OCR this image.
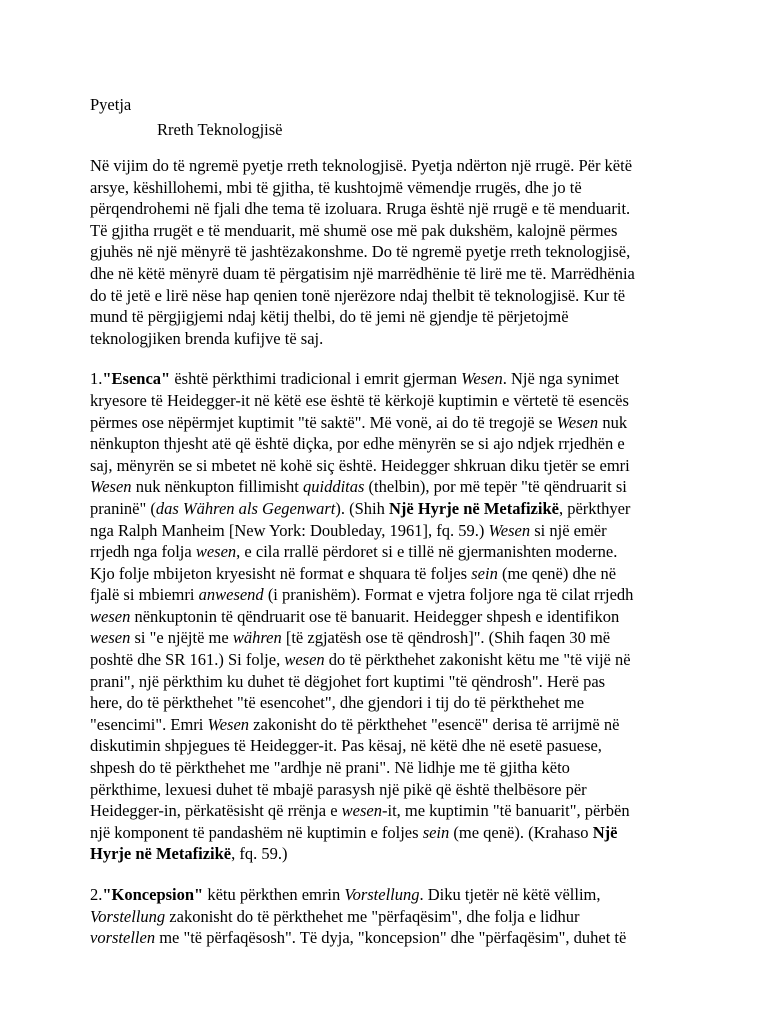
Pyetja
Rreth Teknologjisë
Në vijim do të ngremë pyetje rreth teknologjisë. Pyetja ndërton një rrugë. Për këtë
arsye, këshillohemi, mbi të gjitha, të kushtojmë vëmendje rrugës, dhe jo të
përqendrohemi në fjali dhe tema të izoluara. Rruga është një rrugë e të menduarit.
Të gjitha rrugët e të menduarit, më shumë ose më pak dukshëm, kalojnë përmes
gjuhës në një mënyrë të jashtëzakonshme. Do të ngremë pyetje rreth teknologjisë,
dhe në këtë mënyrë duam të përgatisim një marrëdhënie të lirë me të. Marrëdhënia
do të jetë e lirë nëse hap qenien tonë njerëzore ndaj thelbit të teknologjisë. Kur të
mund të përgjigjemi ndaj këtij thelbi, do të jemi në gjendje të përjetojmë
teknologjiken brenda kufijve të saj.
1."Esenca" është përkthimi tradicional i emrit gjerman Wesen. Një nga synimet
kryesore të Heidegger-it në këtë ese është të kërkojë kuptimin e vërtetë të esencës
përmes ose nëpërmjet kuptimit "të saktë". Më vonë, ai do të tregojë se Wesen nuk
nënkupton thjesht atë që është diçka, por edhe mënyrën se si ajo ndjek rrjedhën e
saj, mënyrën se si mbetet në kohë siç është. Heidegger shkruan diku tjetër se emri
Wesen nuk nënkupton fillimisht quidditas (thelbin), por më tepër "të qëndruarit si
praninë" (das Währen als Gegenwart). (Shih Një Hyrje në Metafizikë, përkthyer
nga Ralph Manheim [New York: Doubleday, 1961], fq. 59.) Wesen si një emër
rrjedh nga folja wesen, e cila rrallë përdoret si e tillë në gjermanishten moderne.
Kjo folje mbijeton kryesisht në format e shquara të foljes sein (me qenë) dhe në
fjalë si mbiemri anwesend (i pranishëm). Format e vjetra foljore nga të cilat rrjedh
wesen nënkuptonin të qëndruarit ose të banuarit. Heidegger shpesh e identifikon
wesen si "e njëjtë me währen [të zgjatësh ose të qëndrosh]". (Shih faqen 30 më
poshtë dhe SR 161.) Si folje, wesen do të përkthehet zakonisht këtu me "të vijë në
prani", një përkthim ku duhet të dëgjohet fort kuptimi "të qëndrosh". Herë pas
here, do të përkthehet "të esencohet", dhe gjendori i tij do të përkthehet me
"esencimi". Emri Wesen zakonisht do të përkthehet "esencë" derisa të arrijmë në
diskutimin shpjegues të Heidegger-it. Pas kësaj, në këtë dhe në esetë pasuese,
shpesh do të përkthehet me "ardhje në prani". Në lidhje me të gjitha këto
përkthime, lexuesi duhet të mbajë parasysh një pikë që është thelbësore për
Heidegger-in, përkatësisht që rrënja e wesen-it, me kuptimin "të banuarit", përbën
një komponent të pandashëm në kuptimin e foljes sein (me qenë). (Krahaso Një
Hyrje në Metafizikë, fq. 59.)
2."Koncepsion" këtu përkthen emrin Vorstellung. Diku tjetër në këtë vëllim,
Vorstellung zakonisht do të përkthehet me "përfaqësim", dhe folja e lidhur
vorstellen me "të përfaqësosh". Të dyja, "koncepsion" dhe "përfaqësim", duhet të
